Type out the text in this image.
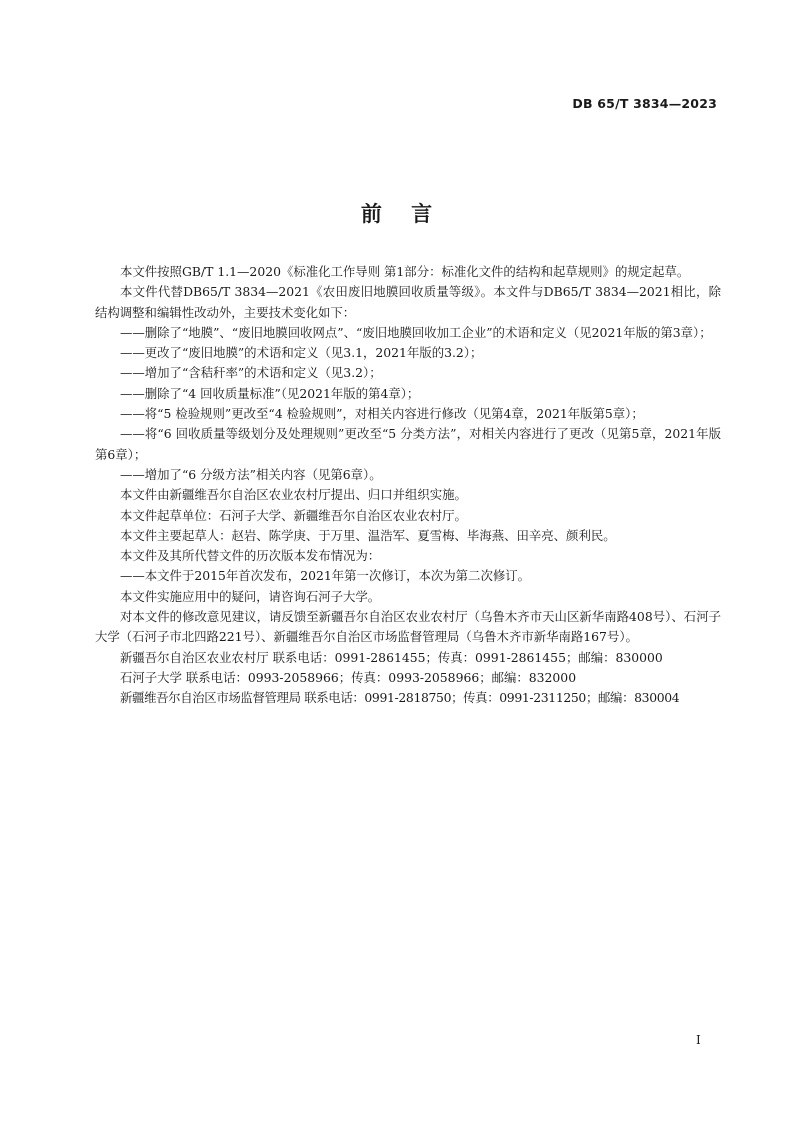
DB 65/T 3834—2023
前    言

本文件按照GB/T 1.1—2020《标准化工作导则 第1部分：标准化文件的结构和起草规则》的规定起草。

本文件代替DB65/T 3834—2021《农田废旧地膜回收质量等级》。本文件与DB65/T 3834—2021相比，除结构调整和编辑性改动外，主要技术变化如下：

——删除了“地膜”、“废旧地膜回收网点”、“废旧地膜回收加工企业”的术语和定义（见2021年版的第3章）；

——更改了“废旧地膜”的术语和定义（见3.1，2021年版的3.2）；

——增加了“含秸秆率”的术语和定义（见3.2）；

——删除了“4 回收质量标准”（见2021年版的第4章）；

——将“5 检验规则”更改至“4 检验规则”，对相关内容进行修改（见第4章，2021年版第5章）；

——将“6 回收质量等级划分及处理规则”更改至“5 分类方法”，对相关内容进行了更改（见第5章，2021年版第6章）；

——增加了“6 分级方法”相关内容（见第6章）。

本文件由新疆维吾尔自治区农业农村厅提出、归口并组织实施。

本文件起草单位：石河子大学、新疆维吾尔自治区农业农村厅。

本文件主要起草人：赵岩、陈学庚、于万里、温浩军、夏雪梅、毕海燕、田辛亮、颜利民。

本文件及其所代替文件的历次版本发布情况为：

——本文件于2015年首次发布，2021年第一次修订，本次为第二次修订。

本文件实施应用中的疑问，请咨询石河子大学。

对本文件的修改意见建议，请反馈至新疆吾尔自治区农业农村厅（乌鲁木齐市天山区新华南路408号）、石河子大学（石河子市北四路221号）、新疆维吾尔自治区市场监督管理局（乌鲁木齐市新华南路167号）。

新疆吾尔自治区农业农村厅 联系电话：0991-2861455；传真：0991-2861455；邮编：830000

石河子大学 联系电话：0993-2058966；传真：0993-2058966；邮编：832000

新疆维吾尔自治区市场监督管理局 联系电话：0991-2818750；传真：0991-2311250；邮编：830004

I
